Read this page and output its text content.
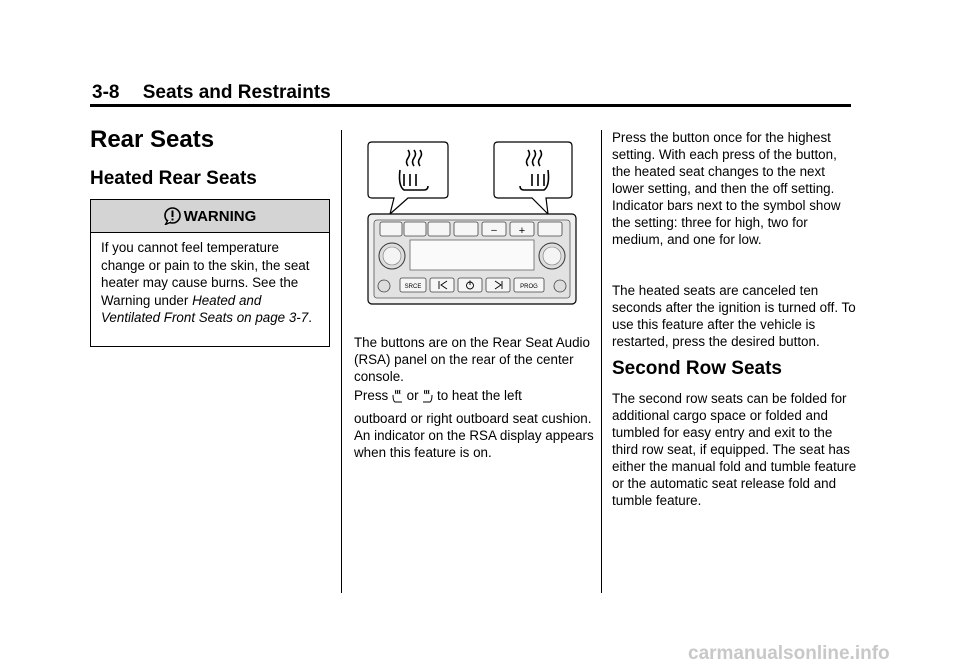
3-8 Seats and Restraints
Rear Seats
Heated Rear Seats
WARNING
If you cannot feel temperature change or pain to the skin, the seat heater may cause burns. See the Warning under Heated and Ventilated Front Seats on page 3-7.
– +
SRCE	PROG

The buttons are on the Rear Seat Audio (RSA) panel on the rear of the center console.

Press  or  to heat the left

outboard or right outboard seat cushion. An indicator on the RSA display appears when this feature is on.

Press the button once for the highest setting. With each press of the button, the heated seat changes to the next lower setting, and then the off setting. Indicator bars next to the symbol show the setting: three for high, two for medium, and one for low.

The heated seats are canceled ten seconds after the ignition is turned off. To use this feature after the vehicle is restarted, press the desired button.

Second Row Seats

The second row seats can be folded for additional cargo space or folded and tumbled for easy entry and exit to the third row seat, if equipped. The seat has either the manual fold and tumble feature or the automatic seat release fold and tumble feature.

carmanualsonline.info
